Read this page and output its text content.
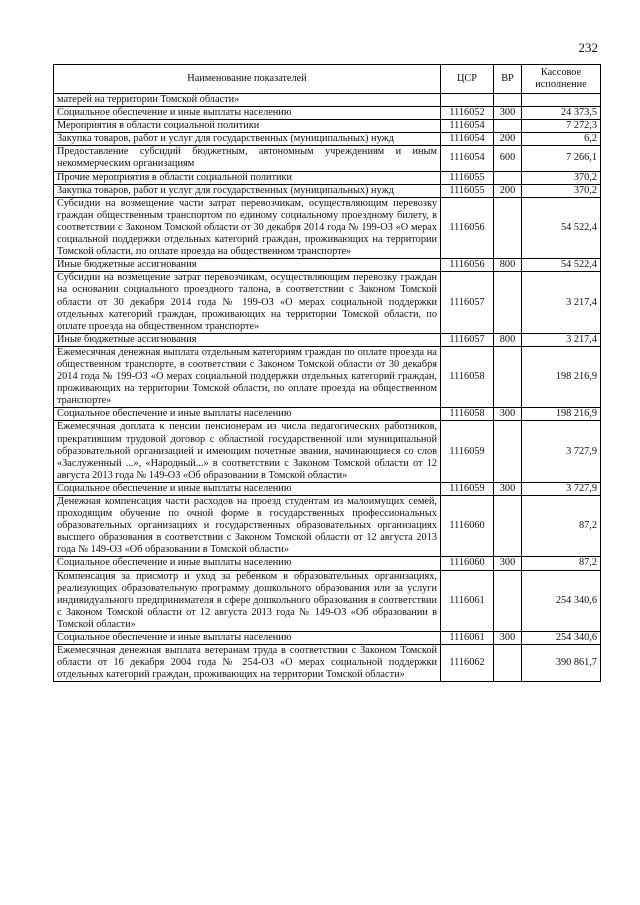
232
Наименование показателей	ЦСР	ВР	Кассовое исполнение
матерей на территории Томской области»			
Социальное обеспечение и иные выплаты населению	1116052	300	24 373,5
Мероприятия в области социальной политики	1116054		7 272,3
Закупка товаров, работ и услуг для государственных (муниципальных) нужд	1116054	200	6,2
Предоставление субсидий бюджетным, автономным учреждениям и иным некоммерческим организациям	1116054	600	7 266,1
Прочие мероприятия в области социальной политики	1116055		370,2
Закупка товаров, работ и услуг для государственных (муниципальных) нужд	1116055	200	370,2
Субсидии на возмещение части затрат перевозчикам, осуществляющим перевозку граждан общественным транспортом по единому социальному проездному билету, в соответствии с Законом Томской области от 30 декабря 2014 года № 199-ОЗ «О мерах социальной поддержки отдельных категорий граждан, проживающих на территории Томской области, по оплате проезда на общественном транспорте»	1116056		54 522,4
Иные бюджетные ассигнования	1116056	800	54 522,4
Субсидии на возмещение затрат перевозчикам, осуществляющим перевозку граждан на основании социального проездного талона, в соответствии с Законом Томской области от 30 декабря 2014 года № 199-ОЗ «О мерах социальной поддержки отдельных категорий граждан, проживающих на территории Томской области, по оплате проезда на общественном транспорте»	1116057		3 217,4
Иные бюджетные ассигнования	1116057	800	3 217,4
Ежемесячная денежная выплата отдельным категориям граждан по оплате проезда на общественном транспорте, в соответствии с Законом Томской области от 30 декабря 2014 года № 199-ОЗ «О мерах социальной поддержки отдельных категорий граждан, проживающих на территории Томской области, по оплате проезда на общественном транспорте»	1116058		198 216,9
Социальное обеспечение и иные выплаты населению	1116058	300	198 216,9
Ежемесячная доплата к пенсии пенсионерам из числа педагогических работников, прекратившим трудовой договор с областной государственной или муниципальной образовательной организацией и имеющим почетные звания, начинающиеся со слов «Заслуженный ...», «Народный...» в соответствии с Законом Томской области от 12 августа 2013 года № 149-ОЗ «Об образовании в Томской области»	1116059		3 727,9
Социальное обеспечение и иные выплаты населению	1116059	300	3 727,9
Денежная компенсация части расходов на проезд студентам из малоимущих семей, проходящим обучение по очной форме в государственных профессиональных образовательных организациях и государственных образовательных организациях высшего образования в соответствии с Законом Томской области от 12 августа 2013 года № 149-ОЗ «Об образовании в Томской области»	1116060		87,2
Социальное обеспечение и иные выплаты населению	1116060	300	87,2
Компенсация за присмотр и уход за ребенком в образовательных организациях, реализующих образовательную программу дошкольного образования или за услуги индивидуального предпринимателя в сфере дошкольного образования в соответствии с Законом Томской области от 12 августа 2013 года № 149-ОЗ «Об образовании в Томской области»	1116061		254 340,6
Социальное обеспечение и иные выплаты населению	1116061	300	254 340,6
Ежемесячная денежная выплата ветеранам труда в соответствии с Законом Томской области от 16 декабря 2004 года № 254-ОЗ «О мерах социальной поддержки отдельных категорий граждан, проживающих на территории Томской области»	1116062		390 861,7
